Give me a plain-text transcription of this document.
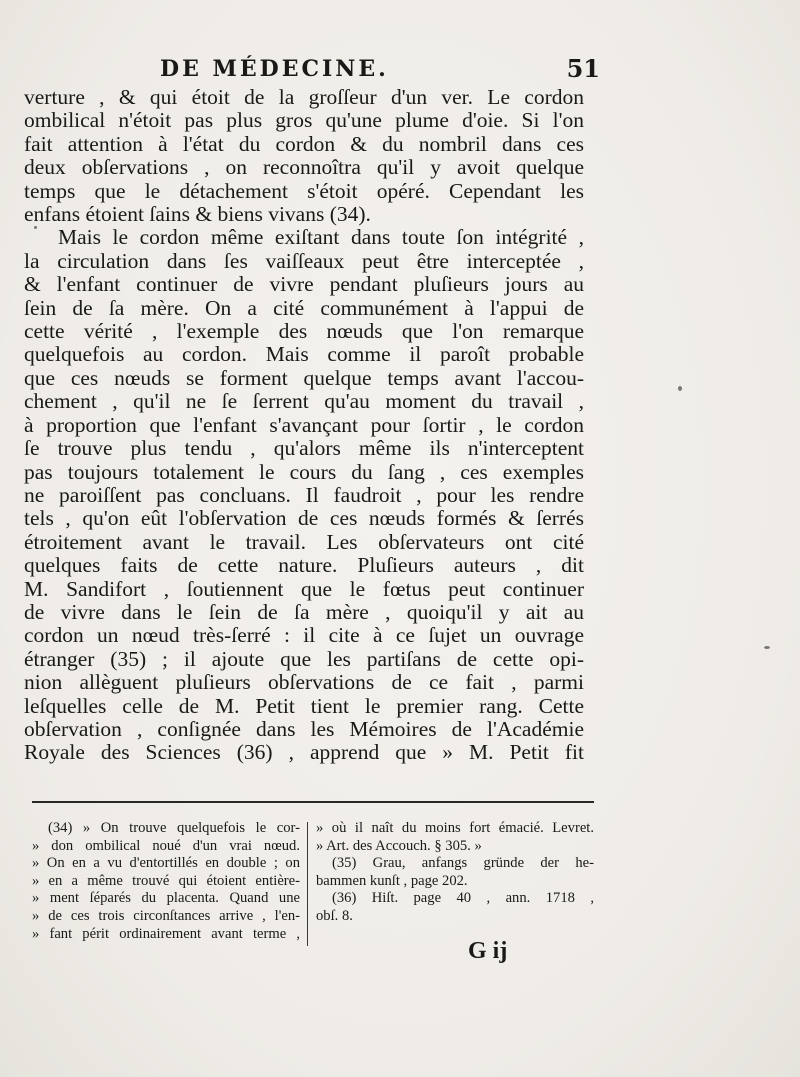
DE MÉDECINE.	51
verture , & qui étoit de la groſſeur d'un ver. Le cordon
ombilical n'étoit pas plus gros qu'une plume d'oie. Si l'on
fait attention à l'état du cordon & du nombril dans ces
deux obſervations , on reconnoîtra qu'il y avoit quelque
temps que le détachement s'étoit opéré. Cependant les
enfans étoient ſains & biens vivans (34).
Mais le cordon même exiſtant dans toute ſon intégrité ,
la circulation dans ſes vaiſſeaux peut être interceptée ,
& l'enfant continuer de vivre pendant pluſieurs jours au
ſein de ſa mère. On a cité communément à l'appui de
cette vérité , l'exemple des nœuds que l'on remarque
quelquefois au cordon. Mais comme il paroît probable
que ces nœuds se forment quelque temps avant l'accou-
chement , qu'il ne ſe ſerrent qu'au moment du travail ,
à proportion que l'enfant s'avançant pour ſortir , le cordon
ſe trouve plus tendu , qu'alors même ils n'interceptent
pas toujours totalement le cours du ſang , ces exemples
ne paroiſſent pas concluans. Il faudroit , pour les rendre
tels , qu'on eût l'obſervation de ces nœuds formés & ſerrés
étroitement avant le travail. Les obſervateurs ont cité
quelques faits de cette nature. Pluſieurs auteurs , dit
M. Sandifort , ſoutiennent que le fœtus peut continuer
de vivre dans le ſein de ſa mère , quoiqu'il y ait au
cordon un nœud très-ſerré : il cite à ce ſujet un ouvrage
étranger (35) ; il ajoute que les partiſans de cette opi-
nion allèguent pluſieurs obſervations de ce fait , parmi
leſquelles celle de M. Petit tient le premier rang. Cette
obſervation , conſignée dans les Mémoires de l'Académie
Royale des Sciences (36) , apprend que » M. Petit fit
(34) » On trouve quelquefois le cor-
» don ombilical noué d'un vrai nœud.
» On en a vu d'entortillés en double ; on
» en a même trouvé qui étoient entière-
» ment ſéparés du placenta. Quand une
» de ces trois circonſtances arrive , l'en-
» fant périt ordinairement avant terme ,
» où il naît du moins fort émacié. Levret.
» Art. des Accouch. § 305. »
(35) Grau, anfangs gründe der he-
bammen kunſt , page 202.
(36) Hiſt. page 40 , ann. 1718 ,
obſ. 8.
G ij
